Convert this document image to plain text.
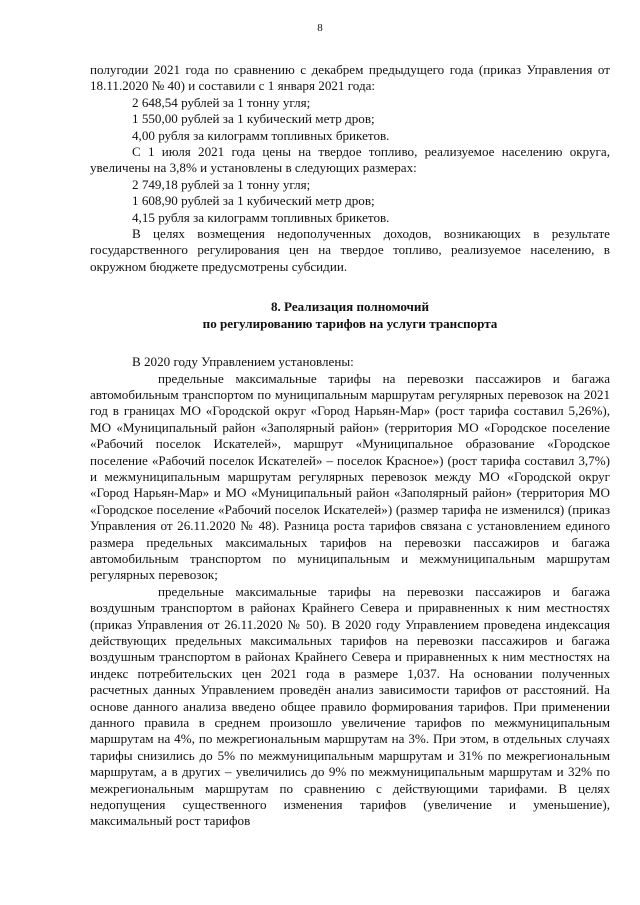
8

полугодии 2021 года по сравнению с декабрем предыдущего года (приказ Управления от 18.11.2020 № 40) и составили с 1 января 2021 года:

2 648,54 рублей за 1 тонну угля;

1 550,00 рублей за 1 кубический метр дров;

4,00 рубля за килограмм топливных брикетов.

С 1 июля 2021 года цены на твердое топливо, реализуемое населению округа, увеличены на 3,8% и установлены в следующих размерах:

2 749,18 рублей за 1 тонну угля;

1 608,90 рублей за 1 кубический метр дров;

4,15 рубля за килограмм топливных брикетов.

В целях возмещения недополученных доходов, возникающих в результате государственного регулирования цен на твердое топливо, реализуемое населению, в окружном бюджете предусмотрены субсидии.

8. Реализация полномочий
по регулированию тарифов на услуги транспорта

В 2020 году Управлением установлены:

предельные максимальные тарифы на перевозки пассажиров и багажа автомобильным транспортом по муниципальным маршрутам регулярных перевозок на 2021 год в границах МО «Городской округ «Город Нарьян-Мар» (рост тарифа составил 5,26%), МО «Муниципальный район «Заполярный район» (территория МО «Городское поселение «Рабочий поселок Искателей», маршрут «Муниципальное образование «Городское поселение «Рабочий поселок Искателей» – поселок Красное») (рост тарифа составил 3,7%) и межмуниципальным маршрутам регулярных перевозок между МО «Городской округ «Город Нарьян-Мар» и МО «Муниципальный район «Заполярный район» (территория МО «Городское поселение «Рабочий поселок Искателей») (размер тарифа не изменился) (приказ Управления от 26.11.2020 № 48). Разница роста тарифов связана с установлением единого размера предельных максимальных тарифов на перевозки пассажиров и багажа автомобильным транспортом по муниципальным и межмуниципальным маршрутам регулярных перевозок;

предельные максимальные тарифы на перевозки пассажиров и багажа воздушным транспортом в районах Крайнего Севера и приравненных к ним местностях (приказ Управления от 26.11.2020 № 50). В 2020 году Управлением проведена индексация действующих предельных максимальных тарифов на перевозки пассажиров и багажа воздушным транспортом в районах Крайнего Севера и приравненных к ним местностях на индекс потребительских цен 2021 года в размере 1,037. На основании полученных расчетных данных Управлением проведён анализ зависимости тарифов от расстояний. На основе данного анализа введено общее правило формирования тарифов. При применении данного правила в среднем произошло увеличение тарифов по межмуниципальным маршрутам на 4%, по межрегиональным маршрутам на 3%. При этом, в отдельных случаях тарифы снизились до 5% по межмуниципальным маршрутам и 31% по межрегиональным маршрутам, а в других – увеличились до 9% по межмуниципальным маршрутам и 32% по межрегиональным маршрутам по сравнению с действующими тарифами. В целях недопущения существенного изменения тарифов (увеличение и уменьшение), максимальный рост тарифов
